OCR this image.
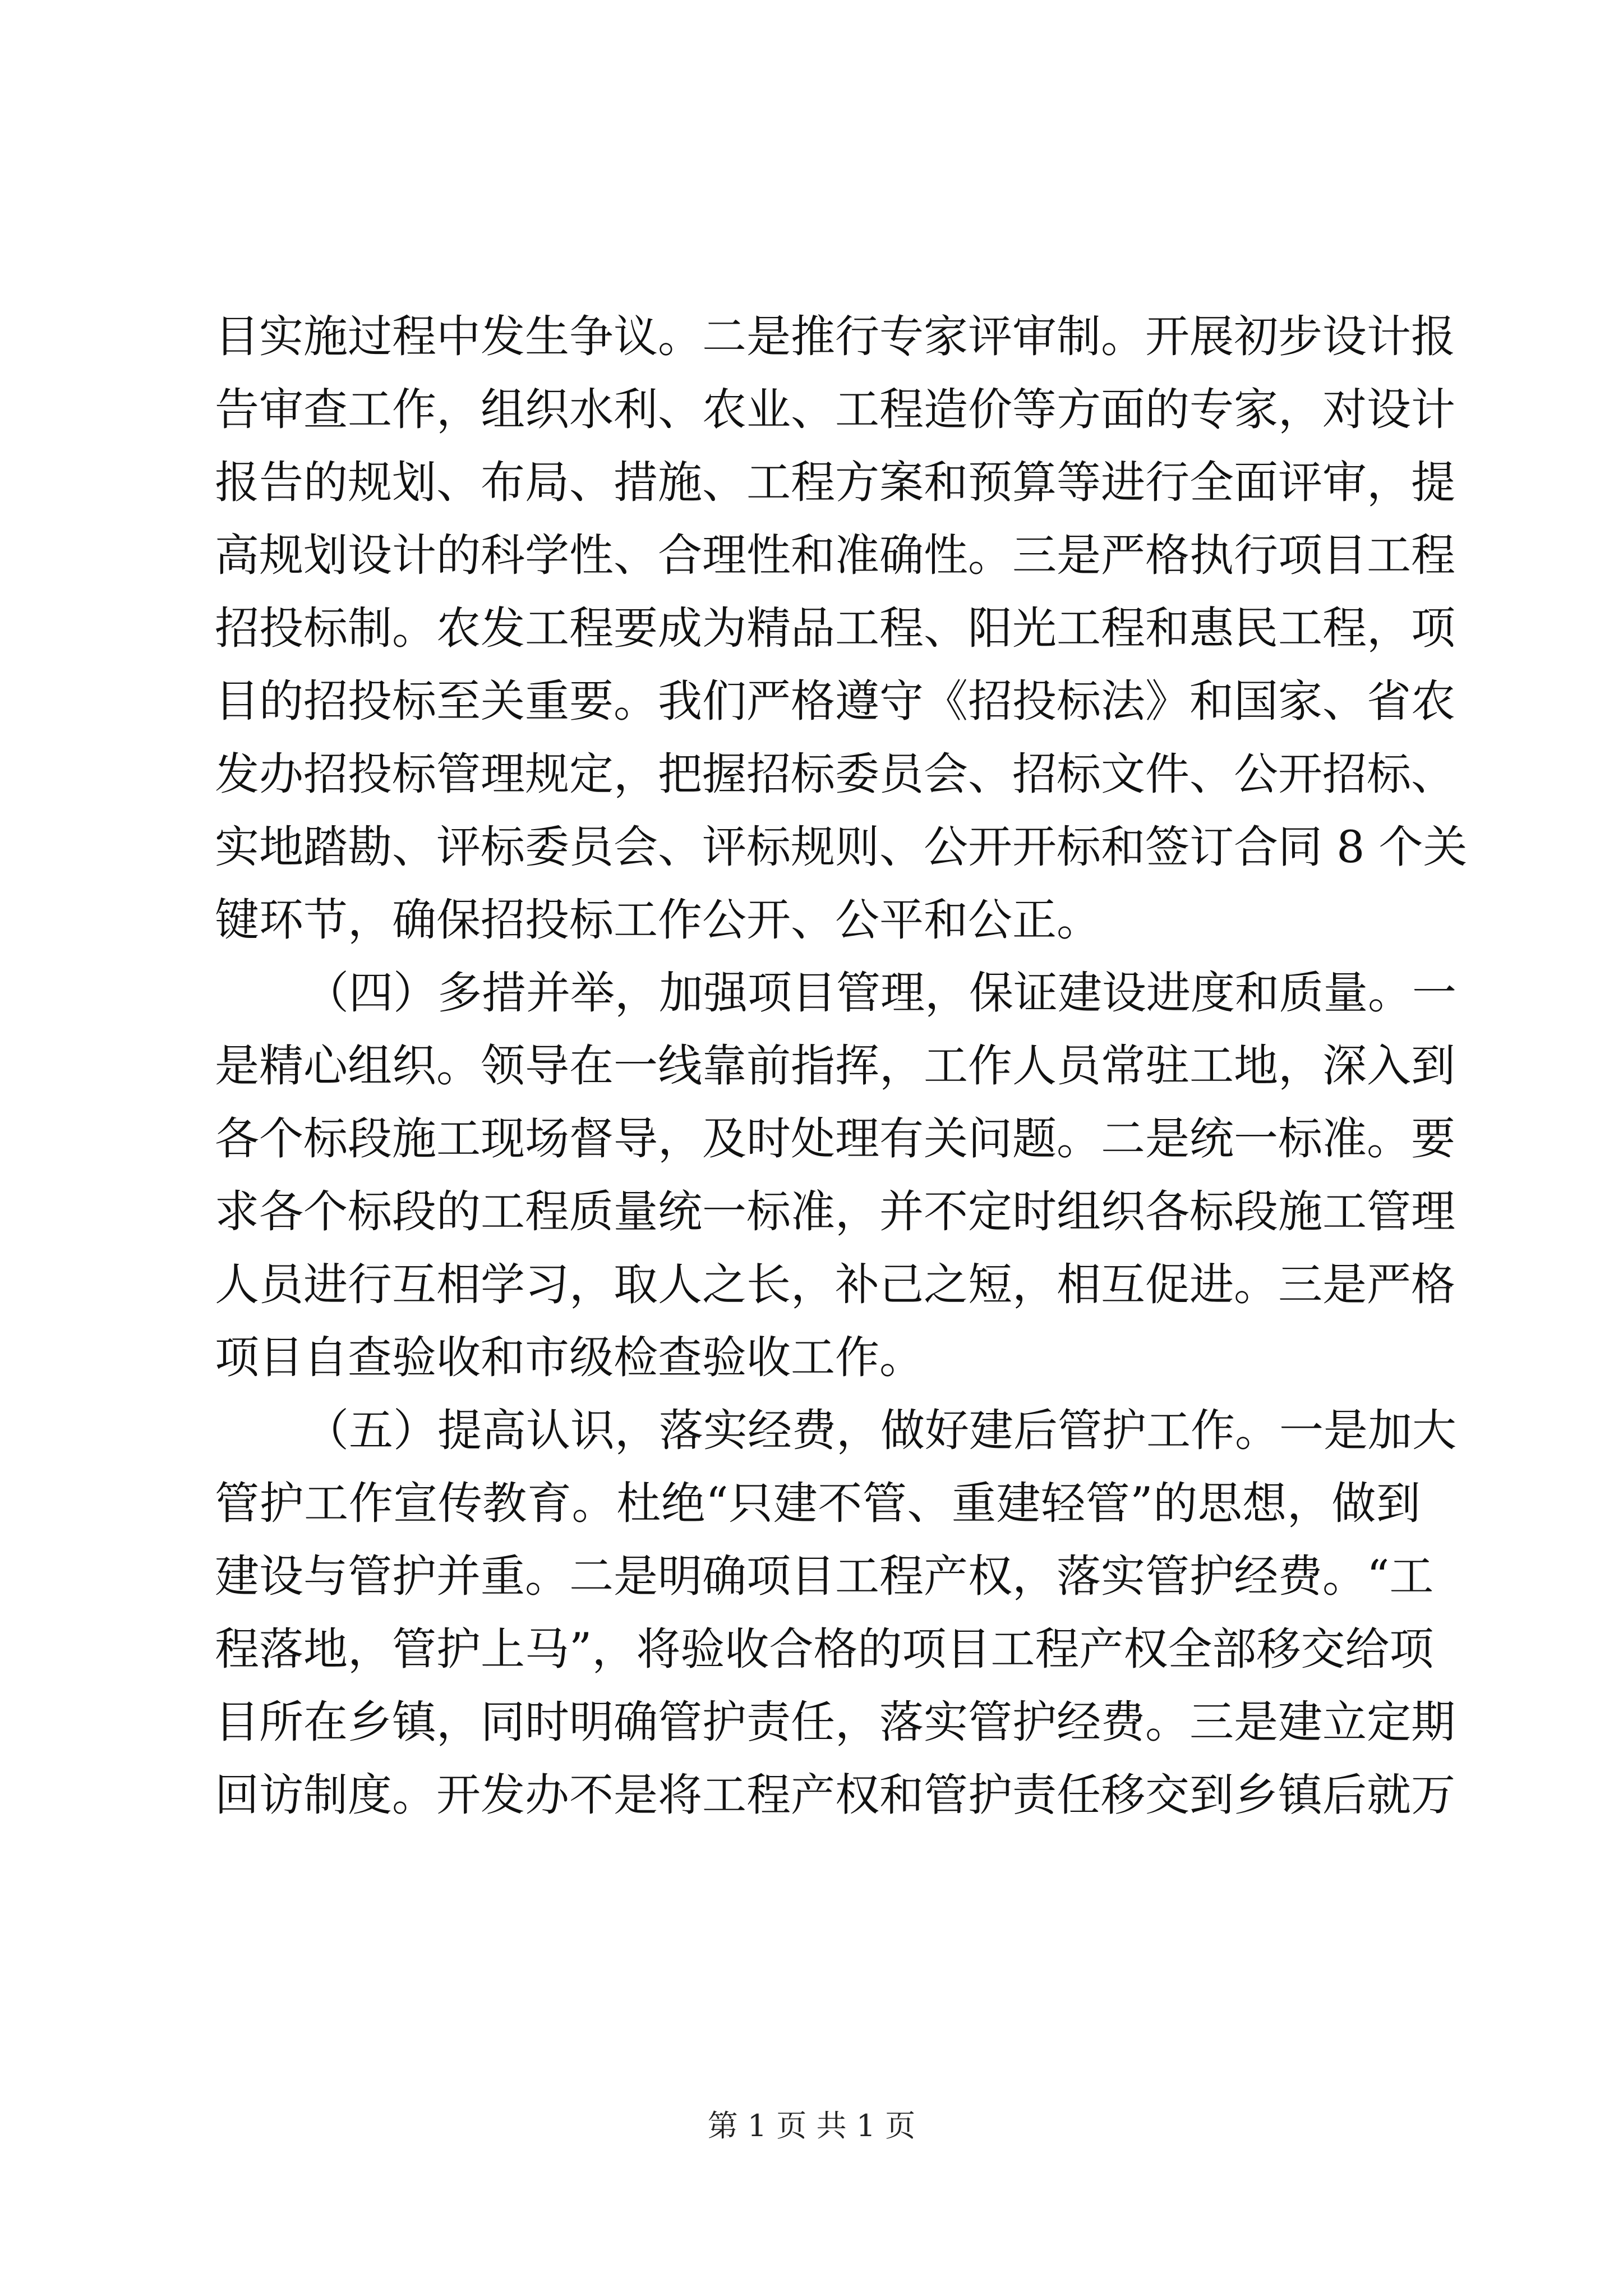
目实施过程中发生争议。二是推行专家评审制。开展初步设计报
告审查工作，组织水利、农业、工程造价等方面的专家，对设计
报告的规划、布局、措施、工程方案和预算等进行全面评审，提
高规划设计的科学性、合理性和准确性。三是严格执行项目工程
招投标制。农发工程要成为精品工程、阳光工程和惠民工程，项
目的招投标至关重要。我们严格遵守《招投标法》和国家、省农
发办招投标管理规定，把握招标委员会、招标文件、公开招标、
实地踏勘、评标委员会、评标规则、公开开标和签订合同 8 个关
键环节，确保招投标工作公开、公平和公正。
（四）多措并举，加强项目管理，保证建设进度和质量。一
是精心组织。领导在一线靠前指挥，工作人员常驻工地，深入到
各个标段施工现场督导，及时处理有关问题。二是统一标准。要
求各个标段的工程质量统一标准，并不定时组织各标段施工管理
人员进行互相学习，取人之长，补己之短，相互促进。三是严格
项目自查验收和市级检查验收工作。
（五）提高认识，落实经费，做好建后管护工作。一是加大
管护工作宣传教育。杜绝“只建不管、重建轻管”的思想，做到
建设与管护并重。二是明确项目工程产权，落实管护经费。“工
程落地，管护上马”，将验收合格的项目工程产权全部移交给项
目所在乡镇，同时明确管护责任，落实管护经费。三是建立定期
回访制度。开发办不是将工程产权和管护责任移交到乡镇后就万
第 1 页 共 1 页
